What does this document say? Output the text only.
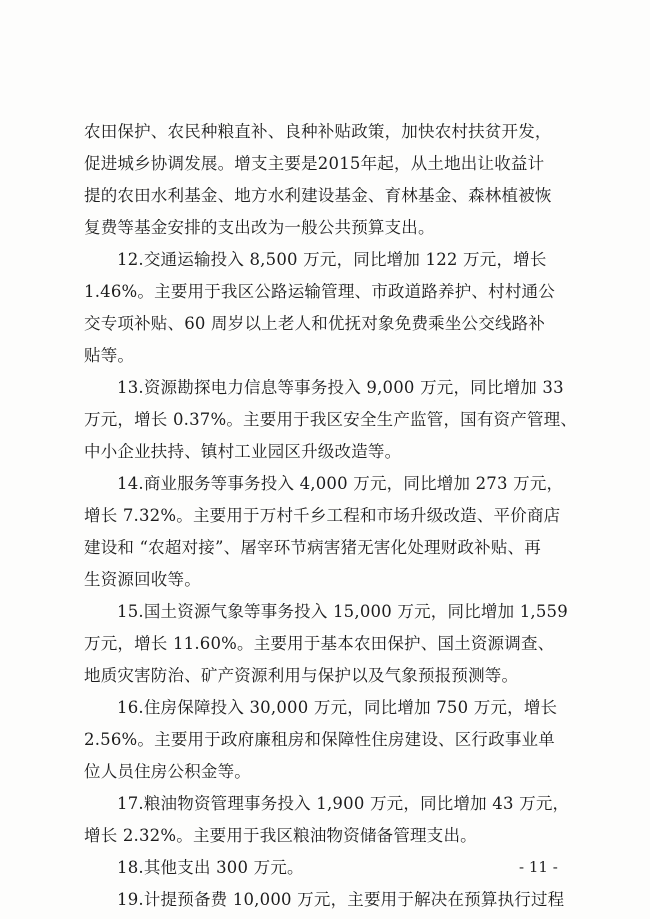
农田保护、农民种粮直补、良种补贴政策，加快农村扶贫开发，
促进城乡协调发展。增支主要是2015年起，从土地出让收益计
提的农田水利基金、地方水利建设基金、育林基金、森林植被恢
复费等基金安排的支出改为一般公共预算支出。

12.交通运输投入 8,500 万元，同比增加 122 万元，增长
1.46%。主要用于我区公路运输管理、市政道路养护、村村通公
交专项补贴、60 周岁以上老人和优抚对象免费乘坐公交线路补
贴等。

13.资源勘探电力信息等事务投入 9,000 万元，同比增加 33
万元，增长 0.37%。主要用于我区安全生产监管，国有资产管理、
中小企业扶持、镇村工业园区升级改造等。

14.商业服务等事务投入 4,000 万元，同比增加 273 万元，
增长 7.32%。主要用于万村千乡工程和市场升级改造、平价商店
建设和 “农超对接”、屠宰环节病害猪无害化处理财政补贴、再
生资源回收等。

15.国土资源气象等事务投入 15,000 万元，同比增加 1,559
万元，增长 11.60%。主要用于基本农田保护、国土资源调查、
地质灾害防治、矿产资源利用与保护以及气象预报预测等。

16.住房保障投入 30,000 万元，同比增加 750 万元，增长
2.56%。主要用于政府廉租房和保障性住房建设、区行政事业单
位人员住房公积金等。

17.粮油物资管理事务投入 1,900 万元，同比增加 43 万元，
增长 2.32%。主要用于我区粮油物资储备管理支出。

18.其他支出 300 万元。

19.计提预备费 10,000 万元，主要用于解决在预算执行过程

- 11 -
